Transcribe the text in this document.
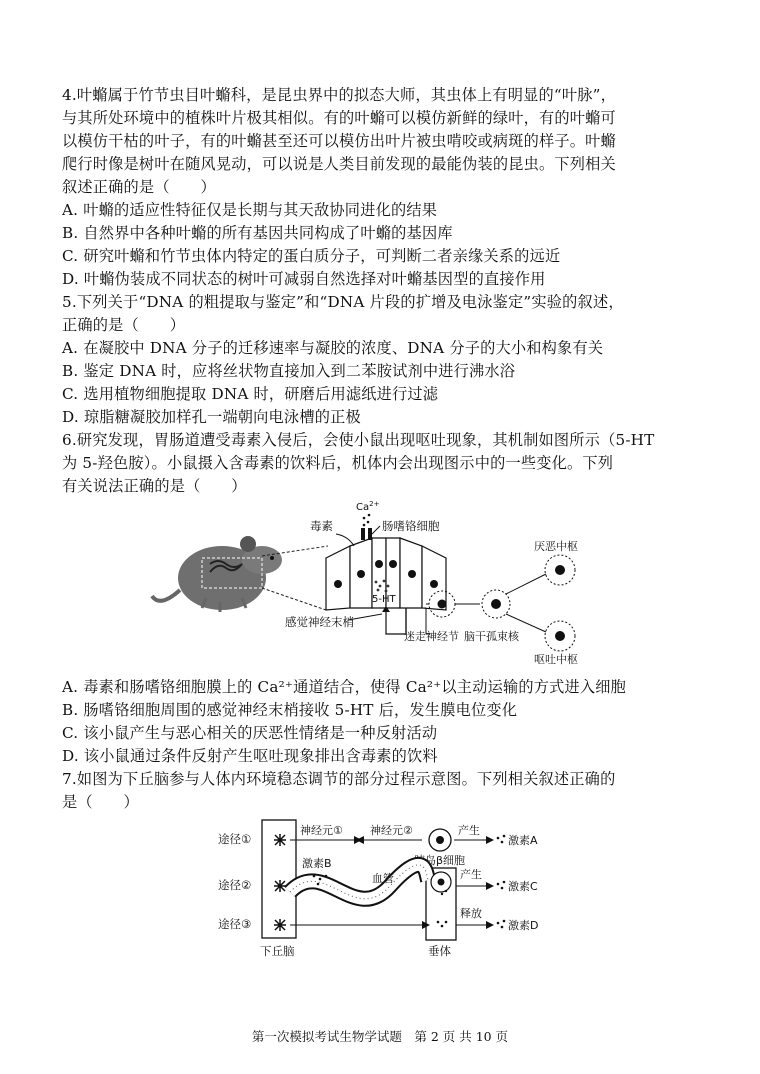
4.叶䗛属于竹节虫目叶䗛科，是昆虫界中的拟态大师，其虫体上有明显的“叶脉”，
与其所处环境中的植株叶片极其相似。有的叶䗛可以模仿新鲜的绿叶，有的叶䗛可
以模仿干枯的叶子，有的叶䗛甚至还可以模仿出叶片被虫啃咬或病斑的样子。叶䗛
爬行时像是树叶在随风晃动，可以说是人类目前发现的最能伪装的昆虫。下列相关
叙述正确的是（　　）
A. 叶䗛的适应性特征仅是长期与其天敌协同进化的结果
B. 自然界中各种叶䗛的所有基因共同构成了叶䗛的基因库
C. 研究叶䗛和竹节虫体内特定的蛋白质分子，可判断二者亲缘关系的远近
D. 叶䗛伪装成不同状态的树叶可减弱自然选择对叶䗛基因型的直接作用
5.下列关于“DNA 的粗提取与鉴定”和“DNA 片段的扩增及电泳鉴定”实验的叙述，
正确的是（　　）
A. 在凝胶中 DNA 分子的迁移速率与凝胶的浓度、DNA 分子的大小和构象有关
B. 鉴定 DNA 时，应将丝状物直接加入到二苯胺试剂中进行沸水浴
C. 选用植物细胞提取 DNA 时，研磨后用滤纸进行过滤
D. 琼脂糖凝胶加样孔一端朝向电泳槽的正极
6.研究发现，胃肠道遭受毒素入侵后，会使小鼠出现呕吐现象，其机制如图所示（5-HT
为 5-羟色胺）。小鼠摄入含毒素的饮料后，机体内会出现图示中的一些变化。下列
有关说法正确的是（　　）
$Ca^{2+}$
毒素	肠嗜铬细胞
5-HT
感觉神经末梢
厌恶中枢
呕吐中枢
迷走神经节 脑干孤束核
A. 毒素和肠嗜铬细胞膜上的 Ca²⁺通道结合，使得 Ca²⁺以主动运输的方式进入细胞
B. 肠嗜铬细胞周围的感觉神经末梢接收 5-HT 后，发生膜电位变化
C. 该小鼠产生与恶心相关的厌恶性情绪是一种反射活动
D. 该小鼠通过条件反射产生呕吐现象排出含毒素的饮料
7.如图为下丘脑参与人体内环境稳态调节的部分过程示意图。下列相关叙述正确的
是（　　）
途径①
途径②
途径③
神经元① 神经元②
胰岛β细胞
产生
激素A
激素B
血管	产生
激素C
释放
激素D
下丘脑	垂体
第一次模拟考试生物学试题　第 2 页 共 10 页
